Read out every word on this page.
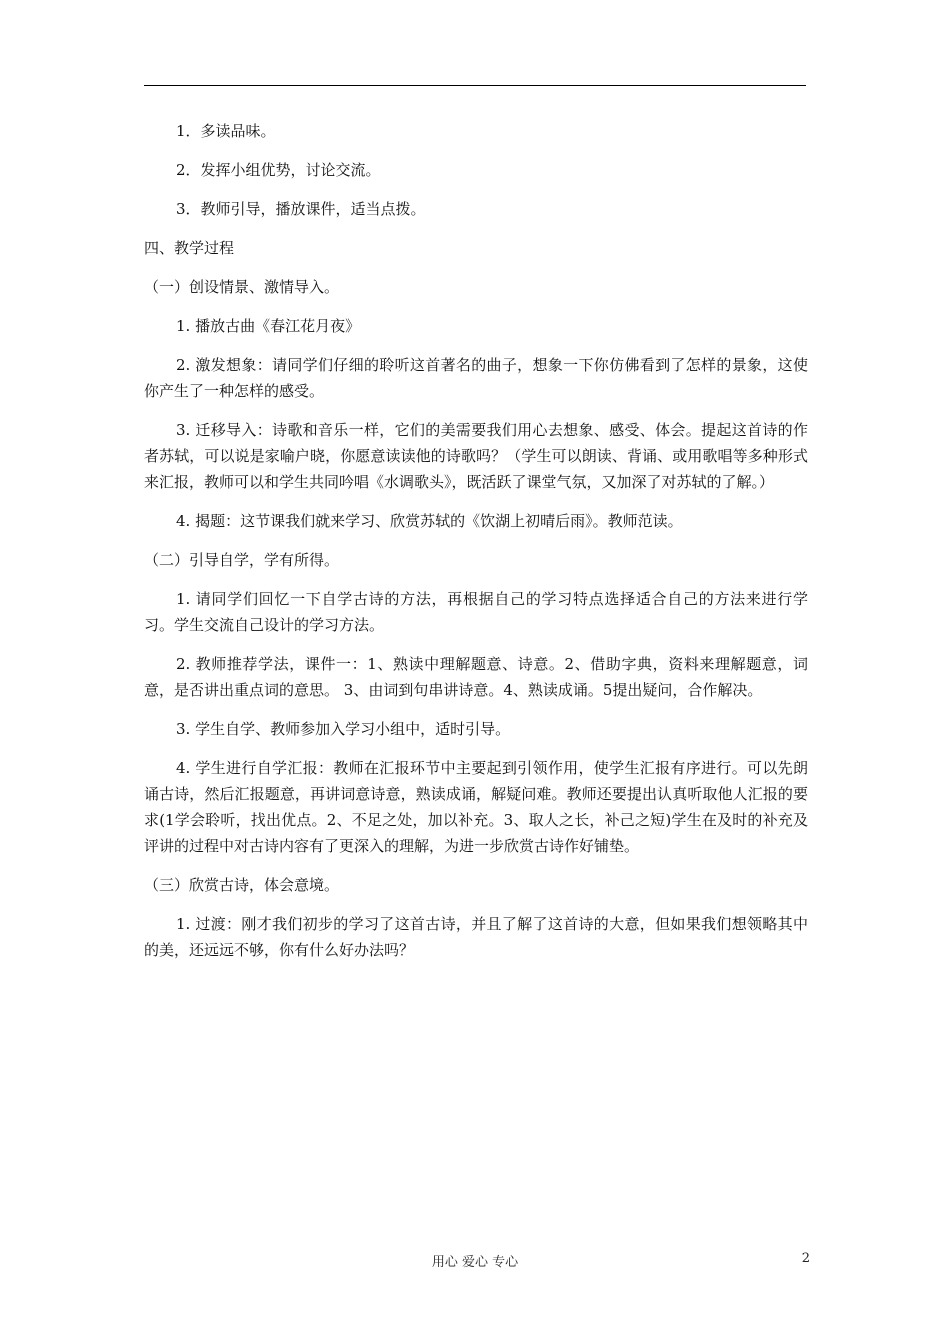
1．多读品味。

2．发挥小组优势，讨论交流。

3．教师引导，播放课件，适当点拨。

四、教学过程

（一）创设情景、激情导入。

1. 播放古曲《春江花月夜》

2. 激发想象：请同学们仔细的聆听这首著名的曲子，想象一下你仿佛看到了怎样的景象，这使你产生了一种怎样的感受。

3. 迁移导入：诗歌和音乐一样，它们的美需要我们用心去想象、感受、体会。提起这首诗的作者苏轼，可以说是家喻户晓，你愿意读读他的诗歌吗？（学生可以朗读、背诵、或用歌唱等多种形式来汇报，教师可以和学生共同吟唱《水调歌头》，既活跃了课堂气氛，又加深了对苏轼的了解。）

4. 揭题：这节课我们就来学习、欣赏苏轼的《饮湖上初晴后雨》。教师范读。

（二）引导自学，学有所得。

1. 请同学们回忆一下自学古诗的方法，再根据自己的学习特点选择适合自己的方法来进行学习。学生交流自己设计的学习方法。

2. 教师推荐学法，课件一：1、熟读中理解题意、诗意。2、借助字典，资料来理解题意，词意，是否讲出重点词的意思。 3、由词到句串讲诗意。4、熟读成诵。5提出疑问，合作解决。

3. 学生自学、教师参加入学习小组中，适时引导。

4. 学生进行自学汇报：教师在汇报环节中主要起到引领作用，使学生汇报有序进行。可以先朗诵古诗，然后汇报题意，再讲词意诗意，熟读成诵，解疑问难。教师还要提出认真听取他人汇报的要求(1学会聆听，找出优点。2、不足之处，加以补充。3、取人之长，补己之短)学生在及时的补充及评讲的过程中对古诗内容有了更深入的理解，为进一步欣赏古诗作好铺垫。

（三）欣赏古诗，体会意境。

1. 过渡：刚才我们初步的学习了这首古诗，并且了解了这首诗的大意，但如果我们想领略其中的美，还远远不够，你有什么好办法吗？

用心 爱心 专心	2
